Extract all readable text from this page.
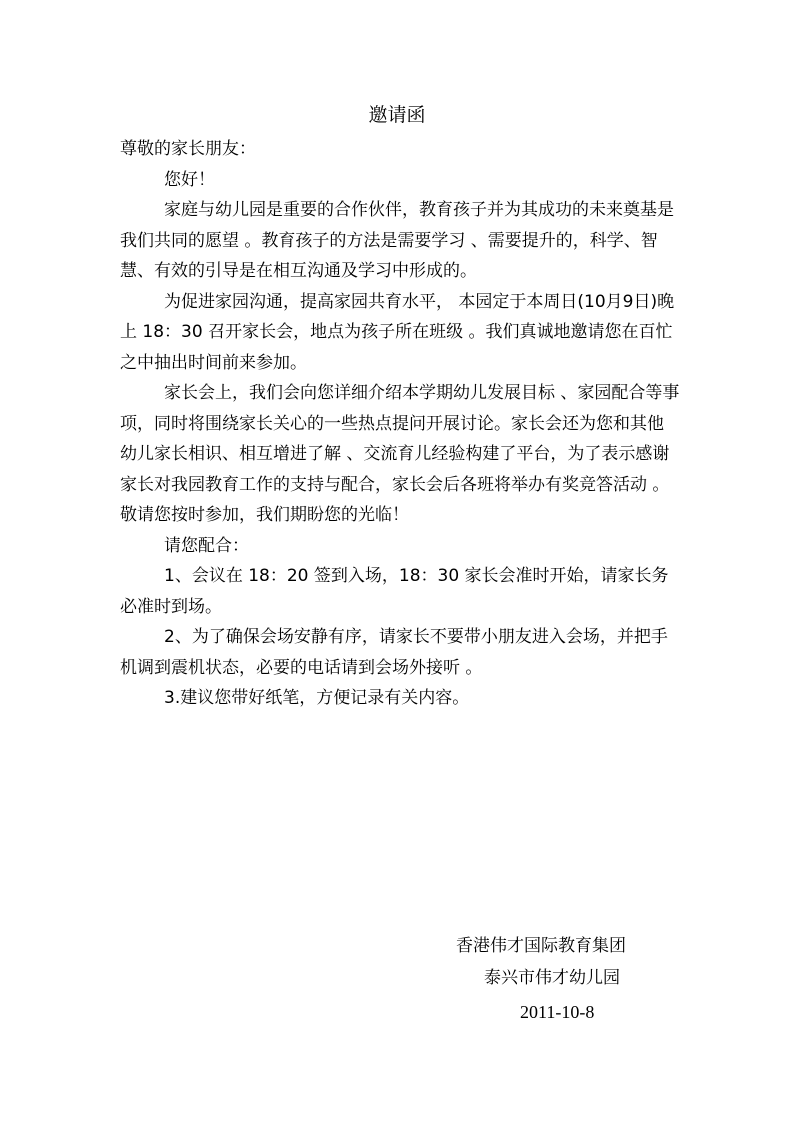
邀请函

尊敬的家长朋友：

您好！

家庭与幼儿园是重要的合作伙伴，教育孩子并为其成功的未来奠基是我们共同的愿望 。教育孩子的方法是需要学习 、需要提升的，科学、智慧、有效的引导是在相互沟通及学习中形成的。

为促进家园沟通，提高家园共育水平， 本园定于本周日(10月9日)晚上 18：30 召开家长会，地点为孩子所在班级 。我们真诚地邀请您在百忙之中抽出时间前来参加。

家长会上，我们会向您详细介绍本学期幼儿发展目标 、家园配合等事项，同时将围绕家长关心的一些热点提问开展讨论。家长会还为您和其他幼儿家长相识、相互增进了解 、交流育儿经验构建了平台，为了表示感谢家长对我园教育工作的支持与配合，家长会后各班将举办有奖竞答活动 。敬请您按时参加，我们期盼您的光临！

请您配合：

1、会议在 18：20 签到入场，18：30 家长会准时开始，请家长务必准时到场。

2、为了确保会场安静有序，请家长不要带小朋友进入会场，并把手机调到震机状态，必要的电话请到会场外接听 。

3.建议您带好纸笔，方便记录有关内容。

香港伟才国际教育集团
泰兴市伟才幼儿园
2011-10-8
